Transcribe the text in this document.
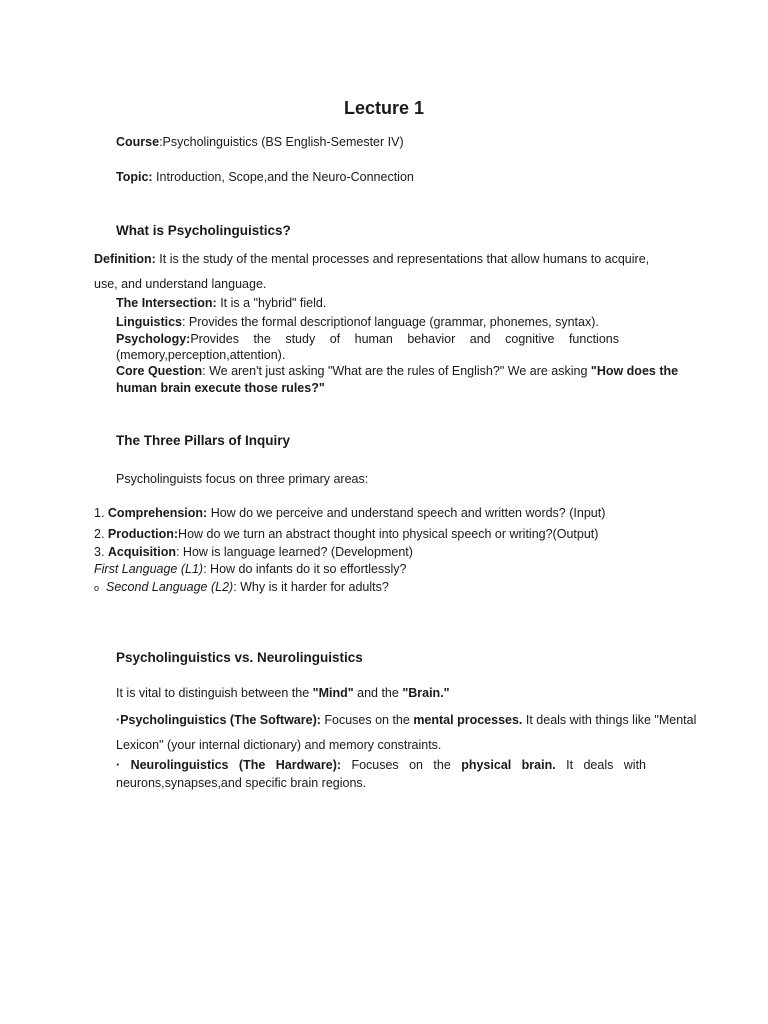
Lecture 1
Course:Psycholinguistics (BS English-Semester IV)
Topic: Introduction, Scope,and the Neuro-Connection
What is Psycholinguistics?
Definition: It is the study of the mental processes and representations that allow humans to acquire,
use, and understand language.
The Intersection: It is a "hybrid" field.
Linguistics: Provides the formal descriptionof language (grammar, phonemes, syntax).
Psychology:Provides the study of human behavior and cognitive functions
(memory,perception,attention).
Core Question: We aren't just asking "What are the rules of English?" We are asking "How does the
human brain execute those rules?"
The Three Pillars of Inquiry
Psycholinguists focus on three primary areas:
1. Comprehension: How do we perceive and understand speech and written words? (Input)
2. Production:How do we turn an abstract thought into physical speech or writing?(Output)
3. Acquisition: How is language learned? (Development)
First Language (L1): How do infants do it so effortlessly?
o Second Language (L2): Why is it harder for adults?
Psycholinguistics vs. Neurolinguistics
It is vital to distinguish between the "Mind" and the "Brain."
·Psycholinguistics (The Software): Focuses on the mental processes. It deals with things like "Mental
Lexicon" (your internal dictionary) and memory constraints.
· Neurolinguistics (The Hardware): Focuses on the physical brain. It deals with
neurons,synapses,and specific brain regions.
